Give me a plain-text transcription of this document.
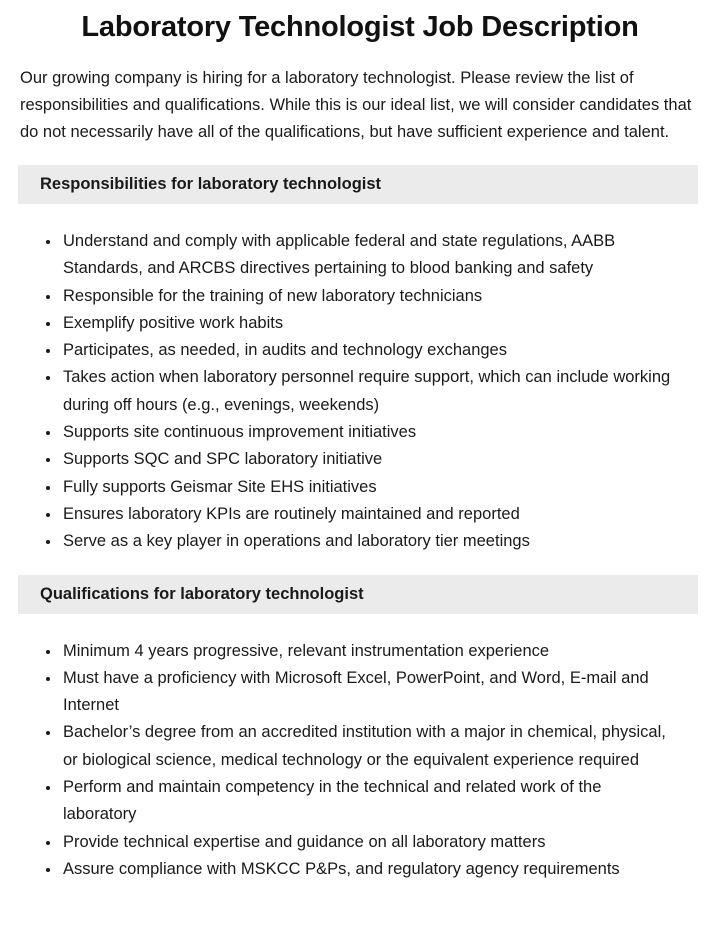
Laboratory Technologist Job Description

Our growing company is hiring for a laboratory technologist. Please review the list of responsibilities and qualifications. While this is our ideal list, we will consider candidates that do not necessarily have all of the qualifications, but have sufficient experience and talent.

Responsibilities for laboratory technologist
• Understand and comply with applicable federal and state regulations, AABB Standards, and ARCBS directives pertaining to blood banking and safety
• Responsible for the training of new laboratory technicians
• Exemplify positive work habits
• Participates, as needed, in audits and technology exchanges
• Takes action when laboratory personnel require support, which can include working during off hours (e.g., evenings, weekends)
• Supports site continuous improvement initiatives
• Supports SQC and SPC laboratory initiative
• Fully supports Geismar Site EHS initiatives
• Ensures laboratory KPIs are routinely maintained and reported
• Serve as a key player in operations and laboratory tier meetings
Qualifications for laboratory technologist
• Minimum 4 years progressive, relevant instrumentation experience
• Must have a proficiency with Microsoft Excel, PowerPoint, and Word, E-mail and Internet
• Bachelor’s degree from an accredited institution with a major in chemical, physical, or biological science, medical technology or the equivalent experience required
• Perform and maintain competency in the technical and related work of the laboratory
• Provide technical expertise and guidance on all laboratory matters
• Assure compliance with MSKCC P&Ps, and regulatory agency requirements
